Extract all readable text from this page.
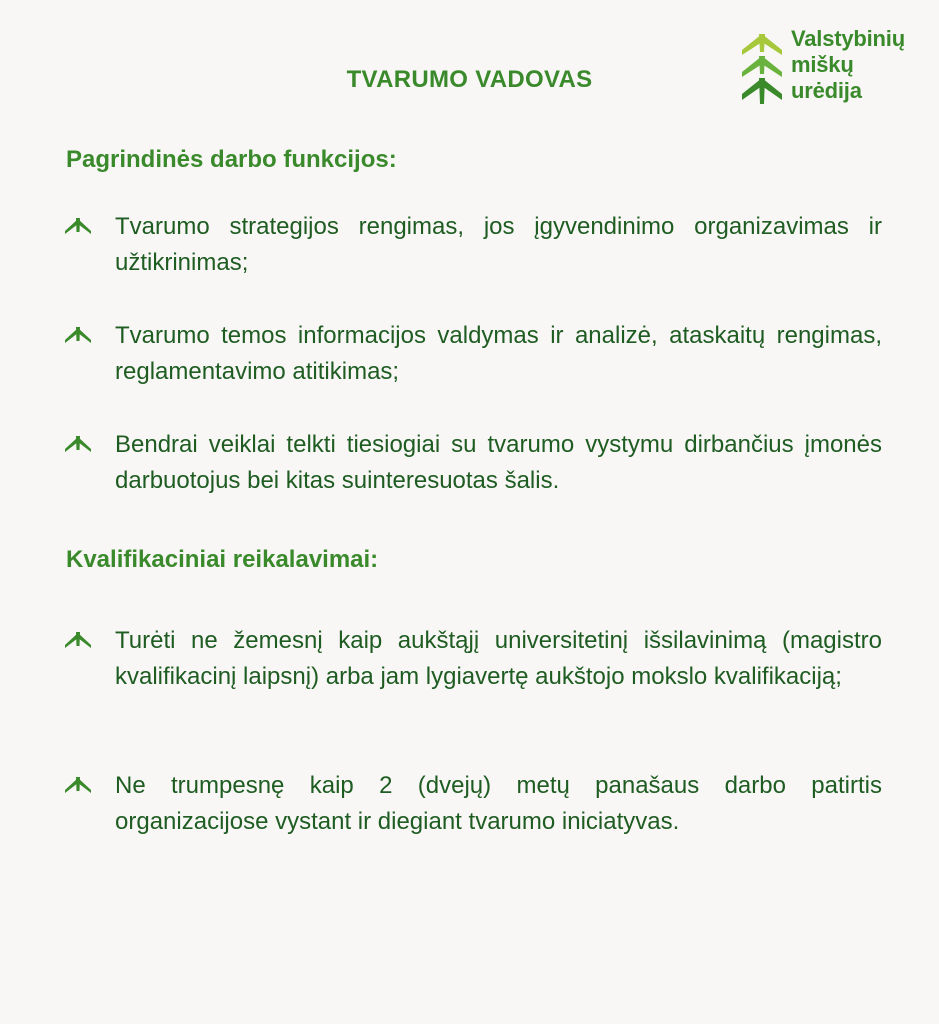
Valstybinių
miškų
urėdija
TVARUMO VADOVAS
Pagrindinės darbo funkcijos:
Tvarumo strategijos rengimas, jos įgyvendinimo organizavimas ir užtikrinimas;
Tvarumo temos informacijos valdymas ir analizė, ataskaitų rengimas, reglamentavimo atitikimas;
Bendrai veiklai telkti tiesiogiai su tvarumo vystymu dirbančius įmonės darbuotojus bei kitas suinteresuotas šalis.
Kvalifikaciniai reikalavimai:
Turėti ne žemesnį kaip aukštąjį universitetinį išsilavinimą (magistro kvalifikacinį laipsnį) arba jam lygiavertę aukštojo mokslo kvalifikaciją;
Ne trumpesnę kaip 2 (dvejų) metų panašaus darbo patirtis organizacijose vystant ir diegiant tvarumo iniciatyvas.
